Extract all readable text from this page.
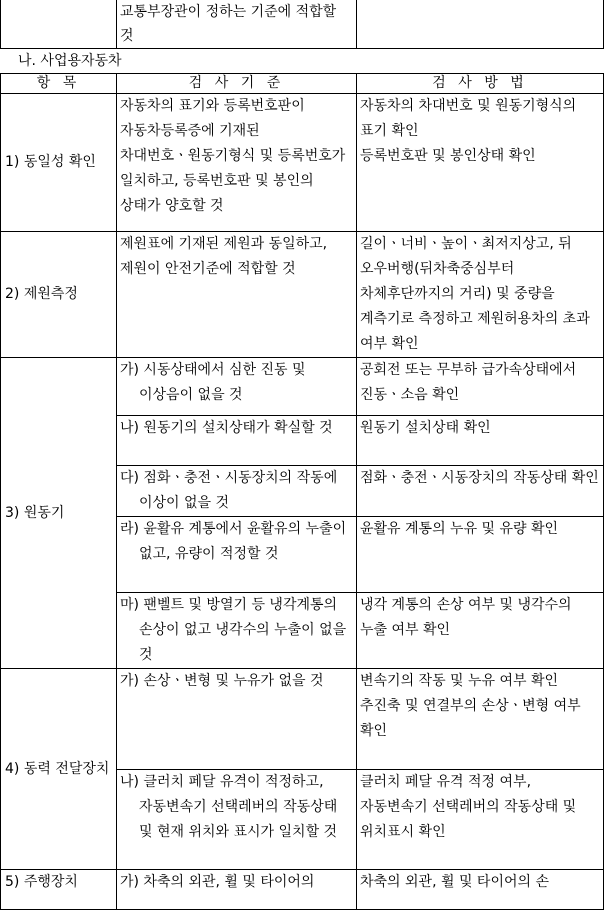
	교통부장관이 정하는 기준에 적합할 것	
나. 사업용자동차
항 목	검 사 기 준	검 사 방 법
1) 동일성 확인	자동차의 표기와 등록번호판이 자동차등록증에 기재된 차대번호ㆍ원동기형식 및 등록번호가 일치하고, 등록번호판 및 봉인의 상태가 양호할 것	자동차의 차대번호 및 원동기형식의 표기 확인
등록번호판 및 봉인상태 확인

2) 제원측정	제원표에 기재된 제원과 동일하고, 제원이 안전기준에 적합할 것	길이ㆍ너비ㆍ높이ㆍ최저지상고, 뒤 오우버행(뒤차축중심부터 차체후단까지의 거리) 및 중량을 계측기로 측정하고 제원허용차의 초과 여부 확인
3) 원동기	가) 시동상태에서 심한 진동 및 이상음이 없을 것	공회전 또는 무부하 급가속상태에서 진동ㆍ소음 확인
	나) 원동기의 설치상태가 확실할 것	원동기 설치상태 확인
	다) 점화ㆍ충전ㆍ시동장치의 작동에 이상이 없을 것	점화ㆍ충전ㆍ시동장치의 작동상태 확인
	라) 윤활유 계통에서 윤활유의 누출이 없고, 유량이 적정할 것	윤활유 계통의 누유 및 유량 확인
	마) 팬벨트 및 방열기 등 냉각계통의 손상이 없고 냉각수의 누출이 없을 것	냉각 계통의 손상 여부 및 냉각수의 누출 여부 확인
4) 동력 전달장치	가) 손상ㆍ변형 및 누유가 없을 것	변속기의 작동 및 누유 여부 확인
추진축 및 연결부의 손상ㆍ변형 여부 확인

	나) 클러치 페달 유격이 적정하고, 자동변속기 선택레버의 작동상태 및 현재 위치와 표시가 일치할 것	클러치 페달 유격 적정 여부, 자동변속기 선택레버의 작동상태 및 위치표시 확인
5) 주행장치	가) 차축의 외관, 휠 및 타이어의	차축의 외관, 휠 및 타이어의 손
